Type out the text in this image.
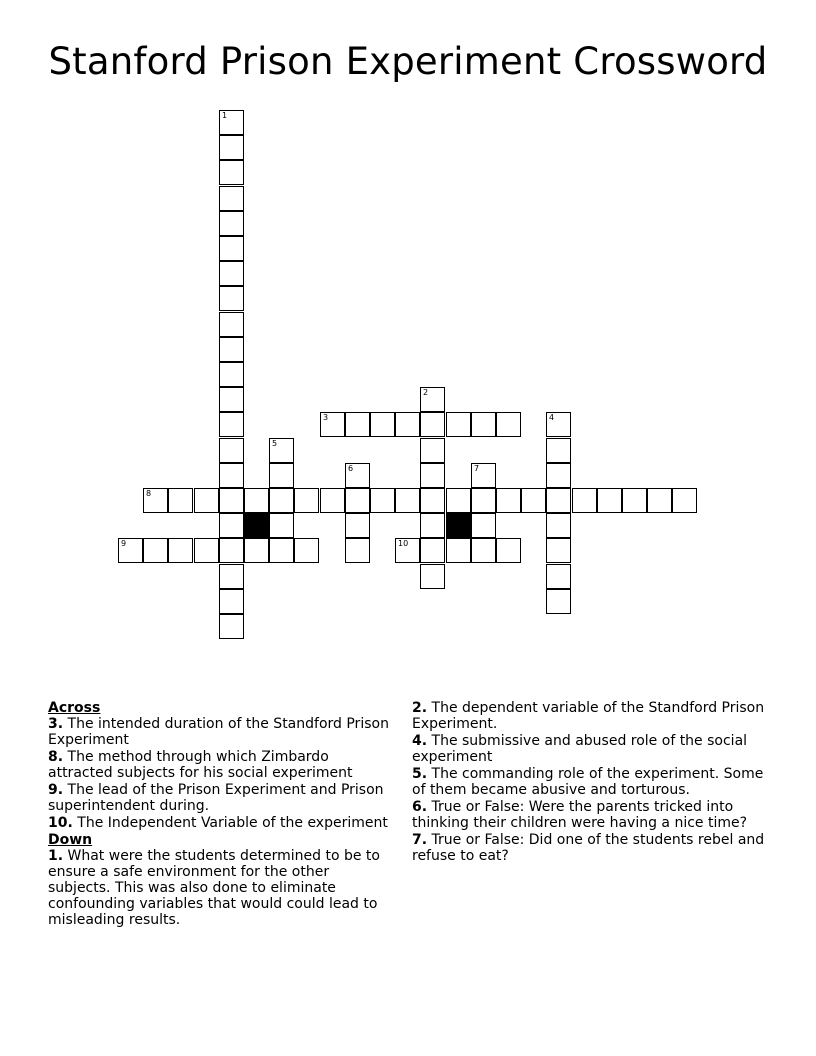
Stanford Prison Experiment Crossword
1
2
3	4
5
6	7
8
9	10
Across
3. The intended duration of the Standford Prison Experiment
8. The method through which Zimbardo attracted subjects for his social experiment
9. The lead of the Prison Experiment and Prison superintendent during.
10. The Independent Variable of the experiment
Down
1. What were the students determined to be to ensure a safe environment for the other subjects. This was also done to eliminate confounding variables that would could lead to misleading results.
2. The dependent variable of the Standford Prison Experiment.
4. The submissive and abused role of the social experiment
5. The commanding role of the experiment. Some of them became abusive and torturous.
6. True or False: Were the parents tricked into thinking their children were having a nice time?
7. True or False: Did one of the students rebel and refuse to eat?
